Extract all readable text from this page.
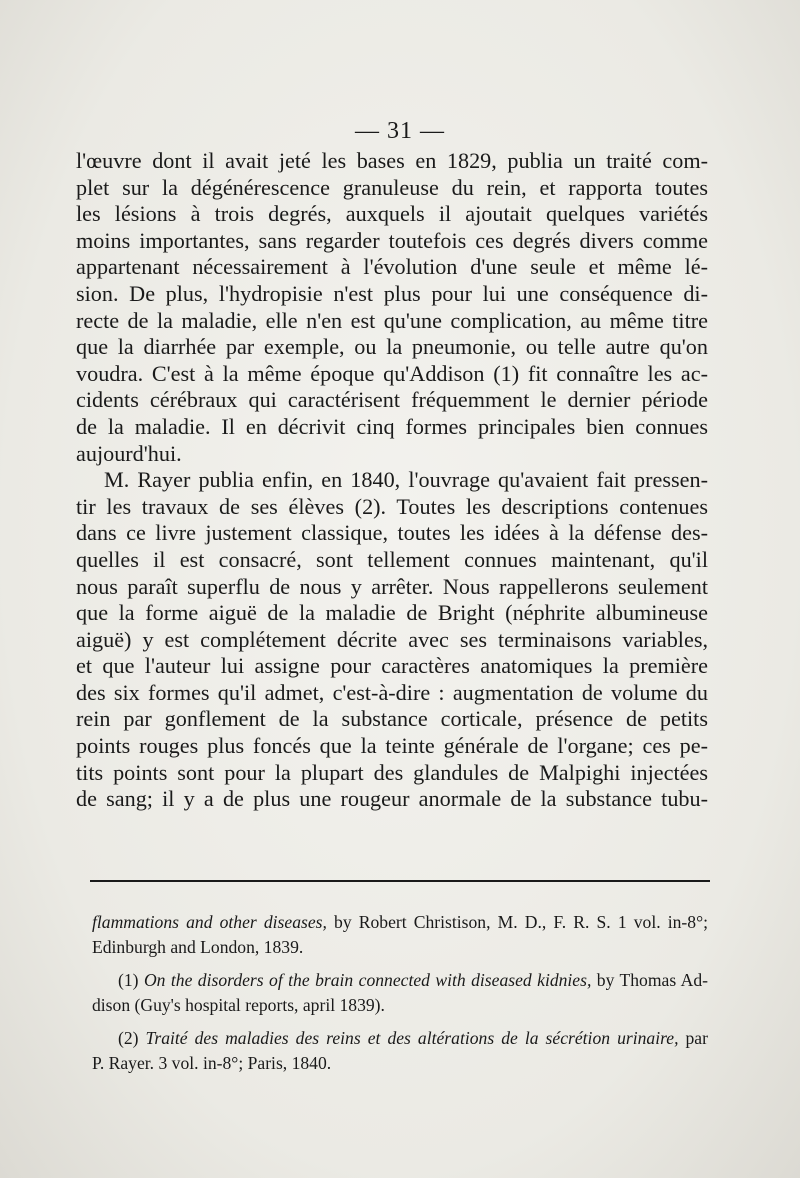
— 31 —
l'œuvre dont il avait jeté les bases en 1829, publia un traité com-
plet sur la dégénérescence granuleuse du rein, et rapporta toutes
les lésions à trois degrés, auxquels il ajoutait quelques variétés
moins importantes, sans regarder toutefois ces degrés divers comme
appartenant nécessairement à l'évolution d'une seule et même lé-
sion. De plus, l'hydropisie n'est plus pour lui une conséquence di-
recte de la maladie, elle n'en est qu'une complication, au même titre
que la diarrhée par exemple, ou la pneumonie, ou telle autre qu'on
voudra. C'est à la même époque qu'Addison (1) fit connaître les ac-
cidents cérébraux qui caractérisent fréquemment le dernier période
de la maladie. Il en décrivit cinq formes principales bien connues
aujourd'hui.
M. Rayer publia enfin, en 1840, l'ouvrage qu'avaient fait pressen-
tir les travaux de ses élèves (2). Toutes les descriptions contenues
dans ce livre justement classique, toutes les idées à la défense des-
quelles il est consacré, sont tellement connues maintenant, qu'il
nous paraît superflu de nous y arrêter. Nous rappellerons seulement
que la forme aiguë de la maladie de Bright (néphrite albumineuse
aiguë) y est complétement décrite avec ses terminaisons variables,
et que l'auteur lui assigne pour caractères anatomiques la première
des six formes qu'il admet, c'est-à-dire : augmentation de volume du
rein par gonflement de la substance corticale, présence de petits
points rouges plus foncés que la teinte générale de l'organe; ces pe-
tits points sont pour la plupart des glandules de Malpighi injectées
de sang; il y a de plus une rougeur anormale de la substance tubu-
flammations and other diseases, by Robert Christison, M. D., F. R. S. 1 vol. in-8°;
Edinburgh and London, 1839.
(1) On the disorders of the brain connected with diseased kidnies, by Thomas Ad-
dison (Guy's hospital reports, april 1839).
(2) Traité des maladies des reins et des altérations de la sécrétion urinaire, par
P. Rayer. 3 vol. in-8°; Paris, 1840.
